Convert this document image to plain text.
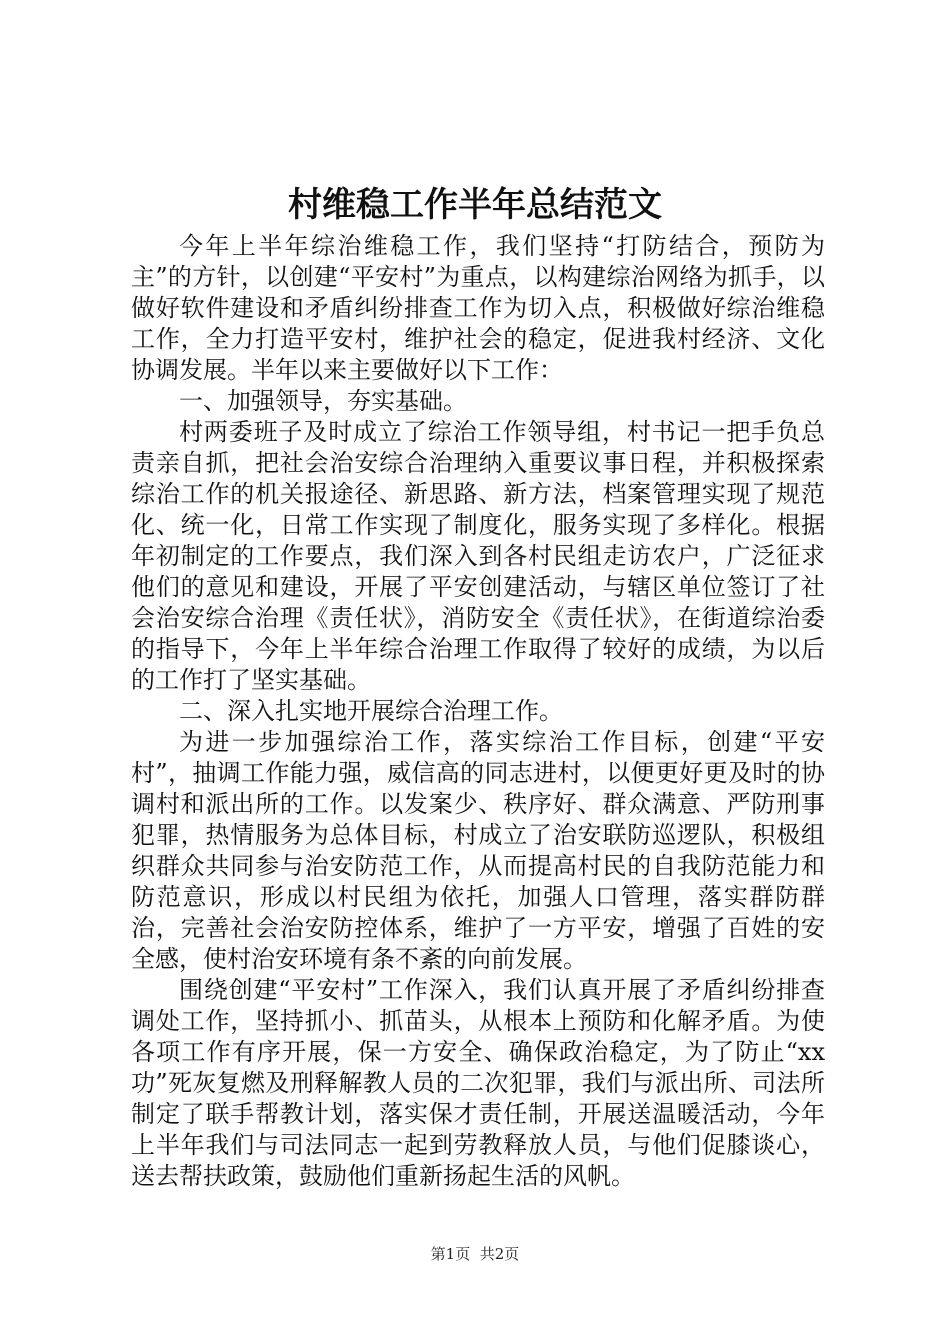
村维稳工作半年总结范文

今年上半年综治维稳工作，我们坚持“打防结合，预防为主”的方针，以创建“平安村”为重点，以构建综治网络为抓手，以做好软件建设和矛盾纠纷排查工作为切入点，积极做好综治维稳工作，全力打造平安村，维护社会的稳定，促进我村经济、文化协调发展。半年以来主要做好以下工作：

一、加强领导，夯实基础。

村两委班子及时成立了综治工作领导组，村书记一把手负总责亲自抓，把社会治安综合治理纳入重要议事日程，并积极探索综治工作的机关报途径、新思路、新方法，档案管理实现了规范化、统一化，日常工作实现了制度化，服务实现了多样化。根据年初制定的工作要点，我们深入到各村民组走访农户，广泛征求他们的意见和建设，开展了平安创建活动，与辖区单位签订了社会治安综合治理《责任状》，消防安全《责任状》，在街道综治委的指导下，今年上半年综合治理工作取得了较好的成绩，为以后的工作打了坚实基础。

二、深入扎实地开展综合治理工作。

为进一步加强综治工作，落实综治工作目标，创建“平安村”，抽调工作能力强，威信高的同志进村，以便更好更及时的协调村和派出所的工作。以发案少、秩序好、群众满意、严防刑事犯罪，热情服务为总体目标，村成立了治安联防巡逻队，积极组织群众共同参与治安防范工作，从而提高村民的自我防范能力和防范意识，形成以村民组为依托，加强人口管理，落实群防群治，完善社会治安防控体系，维护了一方平安，增强了百姓的安全感，使村治安环境有条不紊的向前发展。

围绕创建“平安村”工作深入，我们认真开展了矛盾纠纷排查调处工作，坚持抓小、抓苗头，从根本上预防和化解矛盾。为使各项工作有序开展，保一方安全、确保政治稳定，为了防止“xx功”死灰复燃及刑释解教人员的二次犯罪，我们与派出所、司法所制定了联手帮教计划，落实保才责任制，开展送温暖活动，今年上半年我们与司法同志一起到劳教释放人员，与他们促膝谈心，送去帮扶政策，鼓励他们重新扬起生活的风帆。

第1页 共2页
